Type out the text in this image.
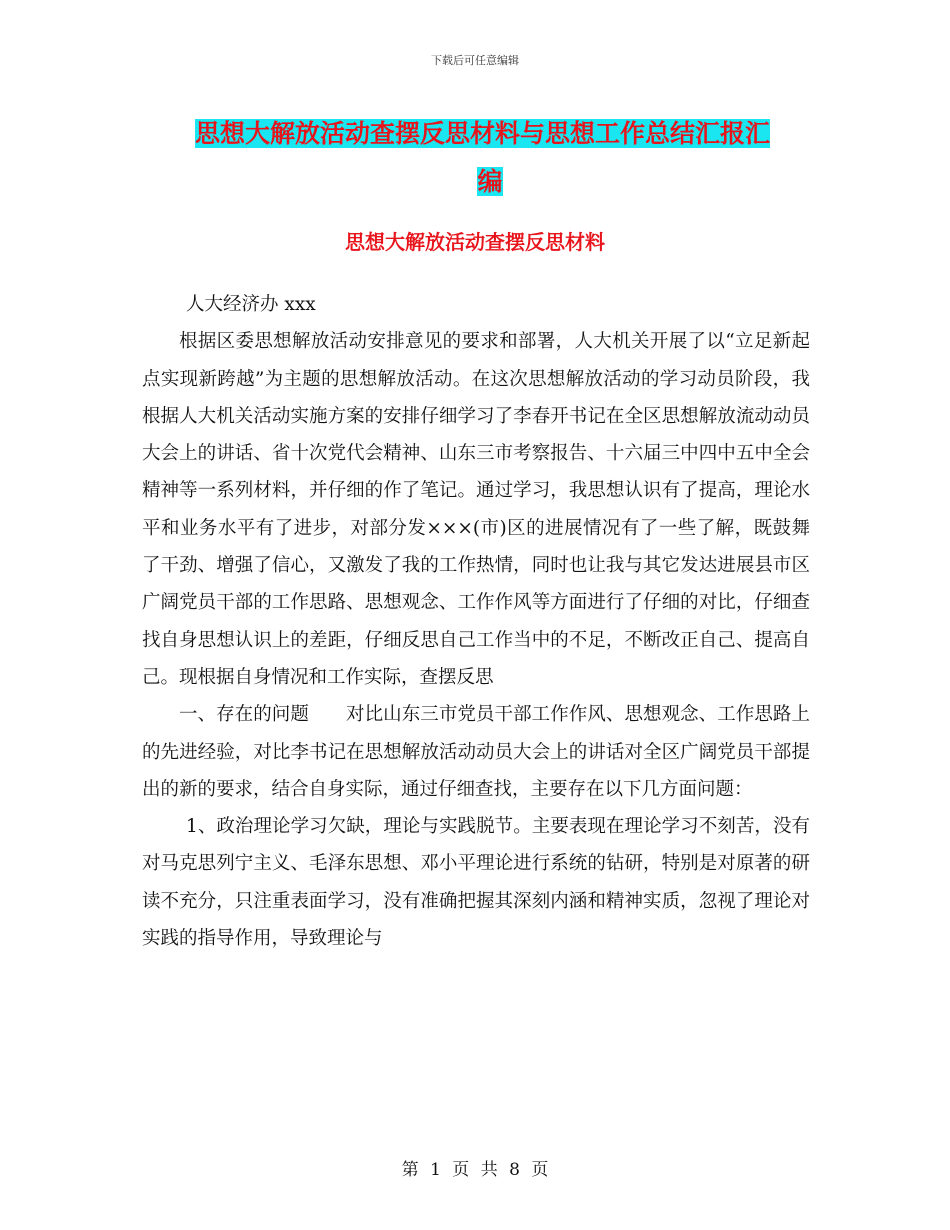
下载后可任意编辑
思想大解放活动查摆反思材料与思想工作总结汇报汇
编
思想大解放活动查摆反思材料

人大经济办 xxx

根据区委思想解放活动安排意见的要求和部署，人大机关开展了以“立足新起点实现新跨越”为主题的思想解放活动。在这次思想解放活动的学习动员阶段，我根据人大机关活动实施方案的安排仔细学习了李春开书记在全区思想解放流动动员大会上的讲话、省十次党代会精神、山东三市考察报告、十六届三中四中五中全会精神等一系列材料，并仔细的作了笔记。通过学习，我思想认识有了提高，理论水平和业务水平有了进步，对部分发×××(市)区的进展情况有了一些了解，既鼓舞了干劲、增强了信心，又激发了我的工作热情，同时也让我与其它发达进展县市区广阔党员干部的工作思路、思想观念、工作作风等方面进行了仔细的对比，仔细查找自身思想认识上的差距，仔细反思自己工作当中的不足，不断改正自己、提高自己。现根据自身情况和工作实际，查摆反思

一、存在的问题　　对比山东三市党员干部工作作风、思想观念、工作思路上的先进经验，对比李书记在思想解放活动动员大会上的讲话对全区广阔党员干部提出的新的要求，结合自身实际，通过仔细查找，主要存在以下几方面问题：

1、政治理论学习欠缺，理论与实践脱节。主要表现在理论学习不刻苦，没有对马克思列宁主义、毛泽东思想、邓小平理论进行系统的钻研，特别是对原著的研读不充分，只注重表面学习，没有准确把握其深刻内涵和精神实质，忽视了理论对实践的指导作用，导致理论与

第 1 页 共 8 页
